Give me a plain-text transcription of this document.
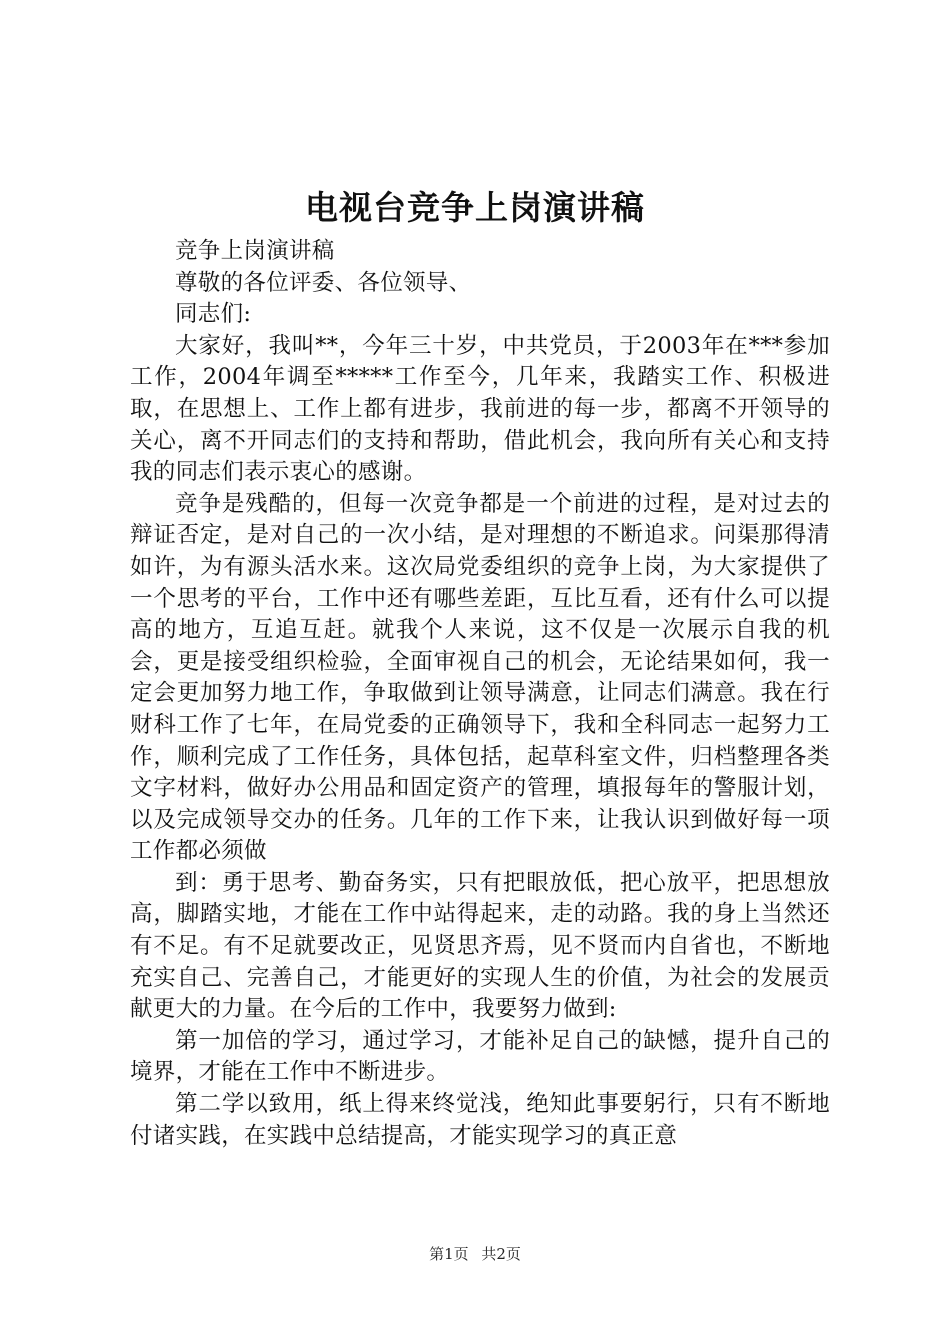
电视台竞争上岗演讲稿

竞争上岗演讲稿

尊敬的各位评委、各位领导、

同志们:

大家好，我叫**，今年三十岁，中共党员，于2003年在***参加工作，2004年调至*****工作至今，几年来，我踏实工作、积极进取，在思想上、工作上都有进步，我前进的每一步，都离不开领导的关心，离不开同志们的支持和帮助，借此机会，我向所有关心和支持我的同志们表示衷心的感谢。

竞争是残酷的，但每一次竞争都是一个前进的过程，是对过去的辩证否定，是对自己的一次小结，是对理想的不断追求。问渠那得清如许，为有源头活水来。这次局党委组织的竞争上岗，为大家提供了一个思考的平台，工作中还有哪些差距，互比互看，还有什么可以提高的地方，互追互赶。就我个人来说，这不仅是一次展示自我的机会，更是接受组织检验，全面审视自己的机会，无论结果如何，我一定会更加努力地工作，争取做到让领导满意，让同志们满意。我在行财科工作了七年，在局党委的正确领导下，我和全科同志一起努力工作，顺利完成了工作任务，具体包括，起草科室文件，归档整理各类文字材料，做好办公用品和固定资产的管理，填报每年的警服计划，以及完成领导交办的任务。几年的工作下来，让我认识到做好每一项工作都必须做

到：勇于思考、勤奋务实，只有把眼放低，把心放平，把思想放高，脚踏实地，才能在工作中站得起来，走的动路。我的身上当然还有不足。有不足就要改正，见贤思齐焉，见不贤而内自省也，不断地充实自己、完善自己，才能更好的实现人生的价值，为社会的发展贡献更大的力量。在今后的工作中，我要努力做到:

第一加倍的学习，通过学习，才能补足自己的缺憾，提升自己的境界，才能在工作中不断进步。

第二学以致用，纸上得来终觉浅，绝知此事要躬行，只有不断地付诸实践，在实践中总结提高，才能实现学习的真正意

第1页 共2页
